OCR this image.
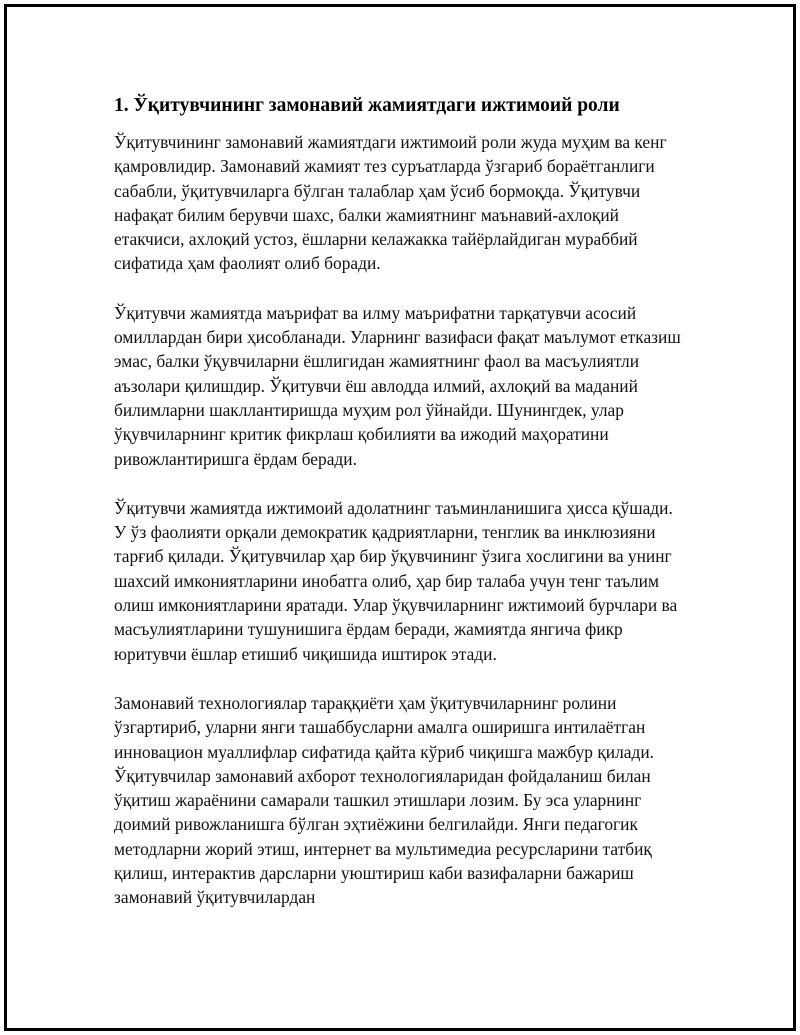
1. Ўқитувчининг замонавий жамиятдаги ижтимоий роли

Ўқитувчининг замонавий жамиятдаги ижтимоий роли жуда муҳим ва кенг қамровлидир. Замонавий жамият тез суръатларда ўзгариб бораётганлиги сабабли, ўқитувчиларга бўлган талаблар ҳам ўсиб бормоқда. Ўқитувчи нафақат билим берувчи шахс, балки жамиятнинг маънавий-ахлоқий етакчиси, ахлоқий устоз, ёшларни келажакка тайёрлайдиган мураббий сифатида ҳам фаолият олиб боради.

Ўқитувчи жамиятда маърифат ва илму маърифатни тарқатувчи асосий омиллардан бири ҳисобланади. Уларнинг вазифаси фақат маълумот етказиш эмас, балки ўқувчиларни ёшлигидан жамиятнинг фаол ва масъулиятли аъзолари қилишдир. Ўқитувчи ёш авлодда илмий, ахлоқий ва маданий билимларни шакллантиришда муҳим рол ўйнайди. Шунингдек, улар ўқувчиларнинг критик фикрлаш қобилияти ва ижодий маҳоратини ривожлантиришга ёрдам беради.

Ўқитувчи жамиятда ижтимоий адолатнинг таъминланишига ҳисса қўшади. У ўз фаолияти орқали демократик қадриятларни, тенглик ва инклюзияни тарғиб қилади. Ўқитувчилар ҳар бир ўқувчининг ўзига хослигини ва унинг шахсий имкониятларини инобатга олиб, ҳар бир талаба учун тенг таълим олиш имкониятларини яратади. Улар ўқувчиларнинг ижтимоий бурчлари ва масъулиятларини тушунишига ёрдам беради, жамиятда янгича фикр юритувчи ёшлар етишиб чиқишида иштирок этади.

Замонавий технологиялар тараққиёти ҳам ўқитувчиларнинг ролини ўзгартириб, уларни янги ташаббусларни амалга оширишга интилаётган инновацион муаллифлар сифатида қайта кўриб чиқишга мажбур қилади. Ўқитувчилар замонавий ахборот технологияларидан фойдаланиш билан ўқитиш жараёнини самарали ташкил этишлари лозим. Бу эса уларнинг доимий ривожланишга бўлган эҳтиёжини белгилайди. Янги педагогик методларни жорий этиш, интернет ва мультимедиа ресурсларини татбиқ қилиш, интерактив дарсларни уюштириш каби вазифаларни бажариш замонавий ўқитувчилардан
